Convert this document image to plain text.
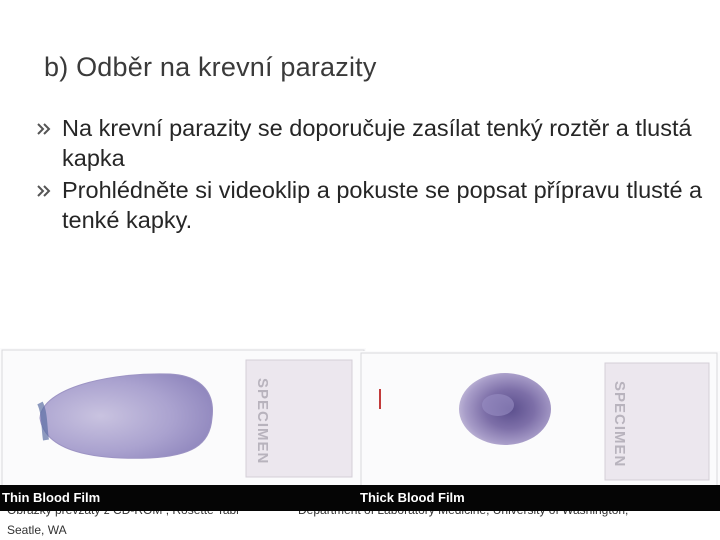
b) Odběr na krevní parazity
Na krevní parazity se doporučuje zasílat tenký roztěr a tlustá kapka
Prohlédněte si videoklip a pokuste se popsat přípravu tlusté a tenké kapky.
Seatle, WA
SPECIMEN
Thin Blood Film
SPECIMEN
Thick Blood Film
